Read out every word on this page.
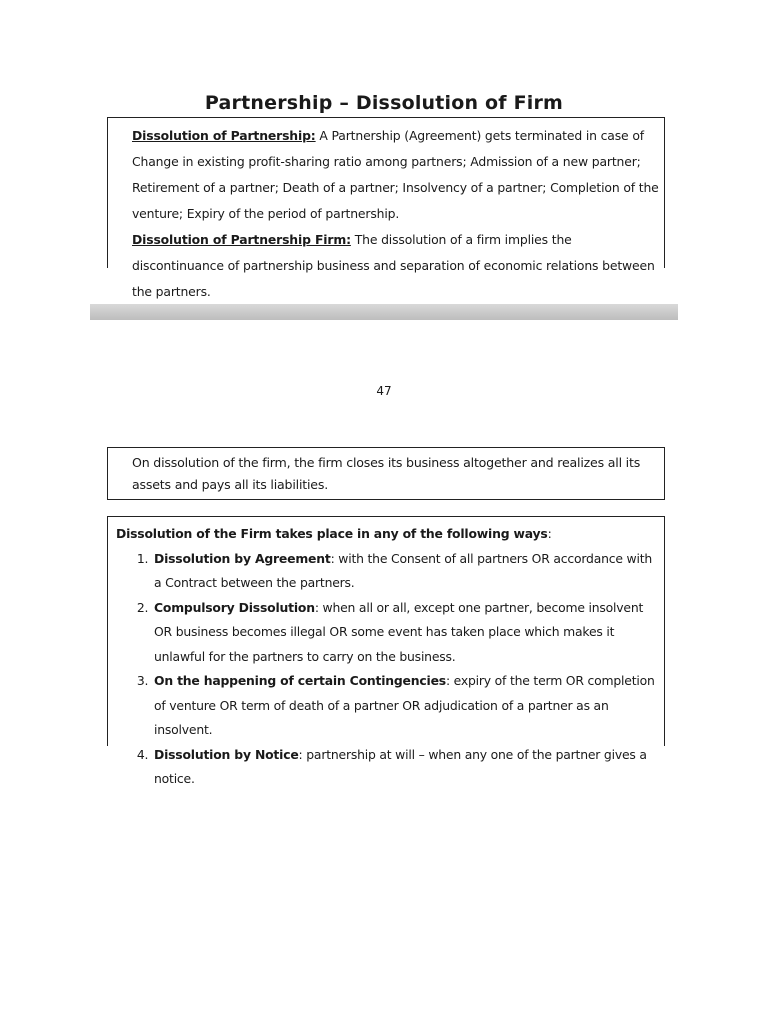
Partnership – Dissolution of Firm

Dissolution of Partnership: A Partnership (Agreement) gets terminated in case of Change in existing profit-sharing ratio among partners; Admission of a new partner; Retirement of a partner; Death of a partner; Insolvency of a partner; Completion of the venture; Expiry of the period of partnership.

Dissolution of Partnership Firm: The dissolution of a firm implies the discontinuance of partnership business and separation of economic relations between the partners.

47
On dissolution of the firm, the firm closes its business altogether and realizes all its assets and pays all its liabilities.

Dissolution of the Firm takes place in any of the following ways:

1. Dissolution by Agreement: with the Consent of all partners OR accordance with a Contract between the partners.
2. Compulsory Dissolution: when all or all, except one partner, become insolvent OR business becomes illegal OR some event has taken place which makes it unlawful for the partners to carry on the business.
3. On the happening of certain Contingencies: expiry of the term OR completion of venture OR term of death of a partner OR adjudication of a partner as an insolvent.
4. Dissolution by Notice: partnership at will – when any one of the partner gives a notice.
